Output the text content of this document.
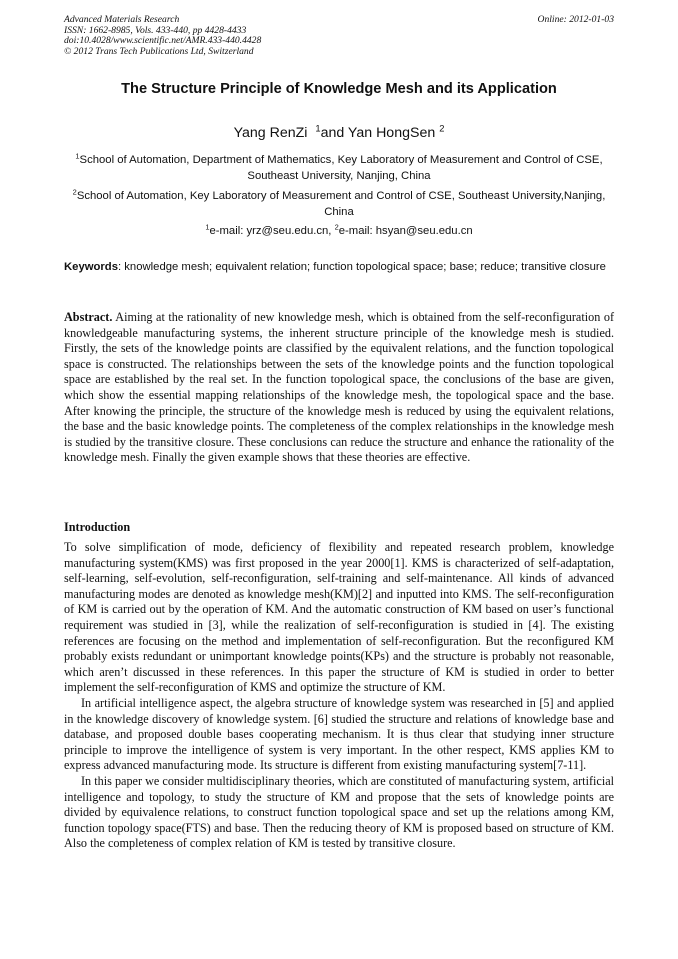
Advanced Materials Research
ISSN: 1662-8985, Vols. 433-440, pp 4428-4433
doi:10.4028/www.scientific.net/AMR.433-440.4428
© 2012 Trans Tech Publications Ltd, Switzerland
Online: 2012-01-03
The Structure Principle of Knowledge Mesh and its Application
Yang RenZi $^1$and Yan HongSen $^2$
$^1$School of Automation, Department of Mathematics, Key Laboratory of Measurement and Control of CSE, Southeast University, Nanjing, China
$^2$School of Automation, Key Laboratory of Measurement and Control of CSE, Southeast University,Nanjing, China
$^1$e-mail: yrz@seu.edu.cn, $^2$e-mail: hsyan@seu.edu.cn
Keywords: knowledge mesh; equivalent relation; function topological space; base; reduce; transitive closure
Abstract. Aiming at the rationality of new knowledge mesh, which is obtained from the self-reconfiguration of knowledgeable manufacturing systems, the inherent structure principle of the knowledge mesh is studied. Firstly, the sets of the knowledge points are classified by the equivalent relations, and the function topological space is constructed. The relationships between the sets of the knowledge points and the function topological space are established by the real set. In the function topological space, the conclusions of the base are given, which show the essential mapping relationships of the knowledge mesh, the topological space and the base. After knowing the principle, the structure of the knowledge mesh is reduced by using the equivalent relations, the base and the basic knowledge points. The completeness of the complex relationships in the knowledge mesh is studied by the transitive closure. These conclusions can reduce the structure and enhance the rationality of the knowledge mesh. Finally the given example shows that these theories are effective.
Introduction

To solve simplification of mode, deficiency of flexibility and repeated research problem, knowledge manufacturing system(KMS) was first proposed in the year 2000[1]. KMS is characterized of self-adaptation, self-learning, self-evolution, self-reconfiguration, self-training and self-maintenance. All kinds of advanced manufacturing modes are denoted as knowledge mesh(KM)[2] and inputted into KMS. The self-reconfiguration of KM is carried out by the operation of KM. And the automatic construction of KM based on user’s functional requirement was studied in [3], while the realization of self-reconfiguration is studied in [4]. The existing references are focusing on the method and implementation of self-reconfiguration. But the reconfigured KM probably exists redundant or unimportant knowledge points(KPs) and the structure is probably not reasonable, which aren’t discussed in these references. In this paper the structure of KM is studied in order to better implement the self-reconfiguration of KMS and optimize the structure of KM.

In artificial intelligence aspect, the algebra structure of knowledge system was researched in [5] and applied in the knowledge discovery of knowledge system. [6] studied the structure and relations of knowledge base and database, and proposed double bases cooperating mechanism. It is thus clear that studying inner structure principle to improve the intelligence of system is very important. In the other respect, KMS applies KM to express advanced manufacturing mode. Its structure is different from existing manufacturing system[7-11].

In this paper we consider multidisciplinary theories, which are constituted of manufacturing system, artificial intelligence and topology, to study the structure of KM and propose that the sets of knowledge points are divided by equivalence relations, to construct function topological space and set up the relations among KM, function topology space(FTS) and base. Then the reducing theory of KM is proposed based on structure of KM. Also the completeness of complex relation of KM is tested by transitive closure.
